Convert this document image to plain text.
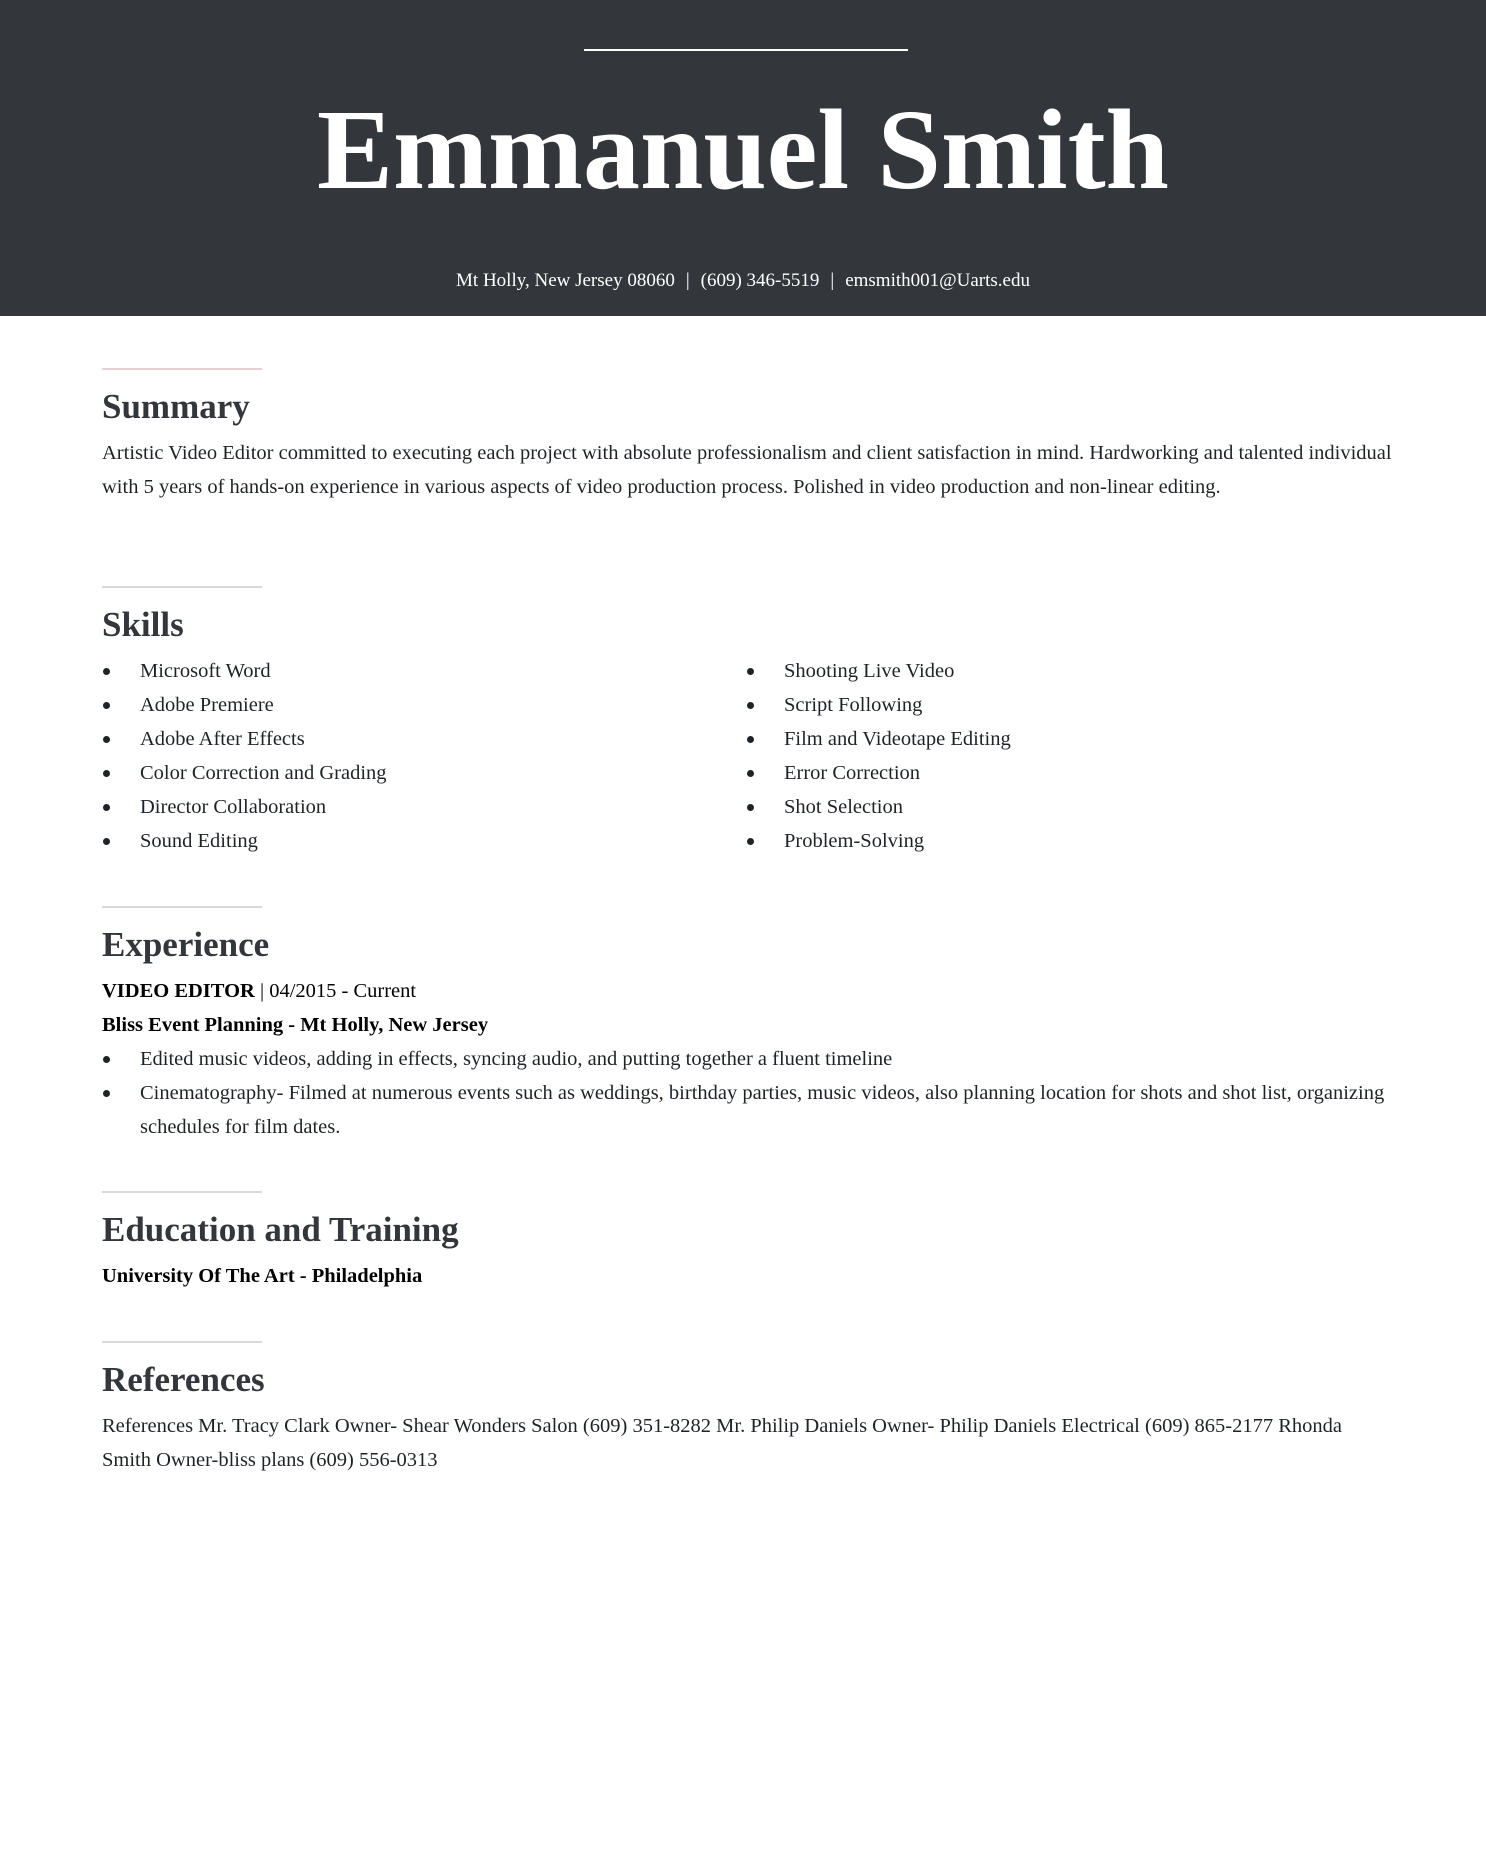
Emmanuel Smith
Mt Holly, New Jersey 08060 | (609) 346-5519 | emsmith001@Uarts.edu
Summary
Artistic Video Editor committed to executing each project with absolute professionalism and client satisfaction in mind. Hardworking and talented individual with 5 years of hands-on experience in various aspects of video production process. Polished in video production and non-linear editing.
Skills
Microsoft Word
Adobe Premiere
Adobe After Effects
Color Correction and Grading
Director Collaboration
Sound Editing
Shooting Live Video
Script Following
Film and Videotape Editing
Error Correction
Shot Selection
Problem-Solving
Experience
VIDEO EDITOR | 04/2015 - Current
Bliss Event Planning - Mt Holly, New Jersey
Edited music videos, adding in effects, syncing audio, and putting together a fluent timeline
Cinematography- Filmed at numerous events such as weddings, birthday parties, music videos, also planning location for shots and shot list, organizing schedules for film dates.
Education and Training
University Of The Art - Philadelphia
References
References Mr. Tracy Clark Owner- Shear Wonders Salon (609) 351-8282 Mr. Philip Daniels Owner- Philip Daniels Electrical (609) 865-2177 Rhonda Smith Owner-bliss plans (609) 556-0313
